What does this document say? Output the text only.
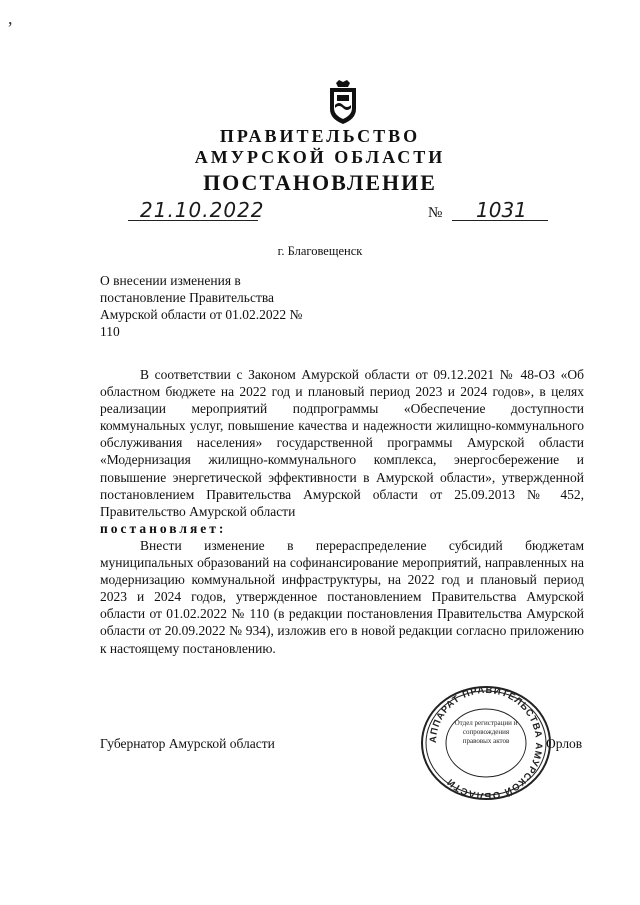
,
ПРАВИТЕЛЬСТВО
АМУРСКОЙ ОБЛАСТИ
ПОСТАНОВЛЕНИЕ
21.10.2022	№ 1031
г. Благовещенск
О внесении изменения в постановление Правительства Амурской области от 01.02.2022 № 110

В соответствии с Законом Амурской области от 09.12.2021 № 48-ОЗ «Об областном бюджете на 2022 год и плановый период 2023 и 2024 годов», в целях реализации мероприятий подпрограммы «Обеспечение доступности коммунальных услуг, повышение качества и надежности жилищно-коммунального обслуживания населения» государственной программы Амурской области «Модернизация жилищно-коммунального комплекса, энергосбережение и повышение энергетической эффективности в Амурской области», утвержденной постановлением Правительства Амурской области от 25.09.2013 № 452, Правительство Амурской области

постановляет:

Внести изменение в перераспределение субсидий бюджетам муниципальных образований на софинансирование мероприятий, направленных на модернизацию коммунальной инфраструктуры, на 2022 год и плановый период 2023 и 2024 годов, утвержденное постановлением Правительства Амурской области от 01.02.2022 № 110 (в редакции постановления Правительства Амурской области от 20.09.2022 № 934), изложив его в новой редакции согласно приложению к настоящему постановлению.

Губернатор Амурской области	Орлов
АППАРАТ ПРАВИТЕЛЬСТВА АМУРСКОЙ ОБЛАСТИ
Отдел регистрации и сопровождения правовых актов
